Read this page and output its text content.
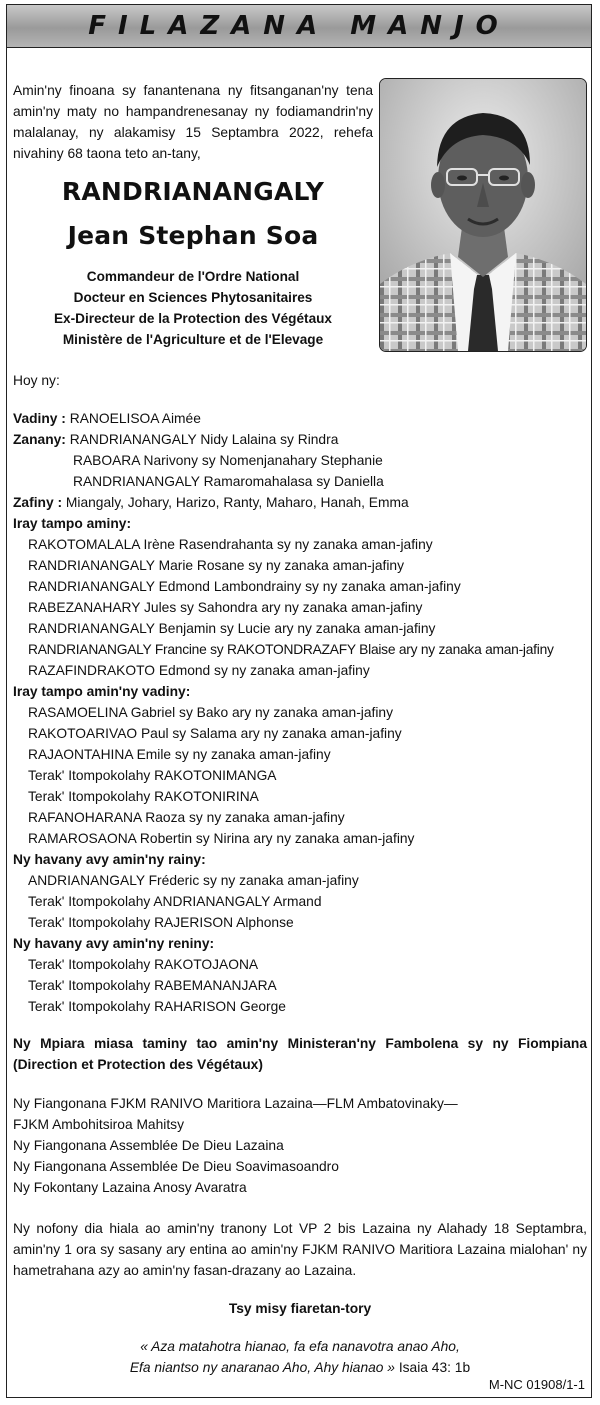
FILAZANA MANJO
Amin'ny finoana sy fanantenana ny fitsanganan'ny tena amin'ny maty no hampandrenesanay ny fodiamandrin'ny malalanay, ny alakamisy 15 Septambra 2022, rehefa nivahiny 68 taona teto an-tany,
RANDRIANANGALY
Jean Stephan Soa
Commandeur de l'Ordre National
Docteur en Sciences Phytosanitaires
Ex-Directeur de la Protection des Végétaux
Ministère de l'Agriculture et de l'Elevage
Hoy ny:
Vadiny : RANOELISOA Aimée
Zanany: RANDRIANANGALY Nidy Lalaina sy Rindra
RABOARA Narivony sy Nomenjanahary Stephanie
RANDRIANANGALY Ramaromahalasa sy Daniella
Zafiny : Miangaly, Johary, Harizo, Ranty, Maharo, Hanah, Emma
Iray tampo aminy:
RAKOTOMALALA Irène Rasendrahanta sy ny zanaka aman-jafiny
RANDRIANANGALY Marie Rosane sy ny zanaka aman-jafiny
RANDRIANANGALY Edmond Lambondrainy sy ny zanaka aman-jafiny
RABEZANAHARY Jules sy Sahondra ary ny zanaka aman-jafiny
RANDRIANANGALY Benjamin sy Lucie ary ny zanaka aman-jafiny
RANDRIANANGALY Francine sy RAKOTONDRAZAFY Blaise ary ny zanaka aman-jafiny
RAZAFINDRAKOTO Edmond sy ny zanaka aman-jafiny
Iray tampo amin'ny vadiny:
RASAMOELINA Gabriel sy Bako ary ny zanaka aman-jafiny
RAKOTOARIVAO Paul sy Salama ary ny zanaka aman-jafiny
RAJAONTAHINA Emile sy ny zanaka aman-jafiny
Terak' Itompokolahy RAKOTONIMANGA
Terak' Itompokolahy RAKOTONIRINA
RAFANOHARANA Raoza sy ny zanaka aman-jafiny
RAMAROSAONA Robertin sy Nirina ary ny zanaka aman-jafiny
Ny havany avy amin'ny rainy:
ANDRIANANGALY Fréderic sy ny zanaka aman-jafiny
Terak' Itompokolahy ANDRIANANGALY Armand
Terak' Itompokolahy RAJERISON Alphonse
Ny havany avy amin'ny reniny:
Terak' Itompokolahy RAKOTOJAONA
Terak' Itompokolahy RABEMANANJARA
Terak' Itompokolahy RAHARISON George
Ny Mpiara miasa taminy tao amin'ny Ministeran'ny Fambolena sy ny Fiompiana (Direction et Protection des Végétaux)
Ny Fiangonana FJKM RANIVO Maritiora Lazaina—FLM Ambatovinaky—
FJKM Ambohitsiroa Mahitsy
Ny Fiangonana Assemblée De Dieu Lazaina
Ny Fiangonana Assemblée De Dieu Soavimasoandro
Ny Fokontany Lazaina Anosy Avaratra
Ny nofony dia hiala ao amin'ny tranony Lot VP 2 bis Lazaina ny Alahady 18 Septambra, amin'ny 1 ora sy sasany ary entina ao amin'ny FJKM RANIVO Maritiora Lazaina mialohan' ny hametrahana azy ao amin'ny fasan-drazany ao Lazaina.
Tsy misy fiaretan-tory
« Aza matahotra hianao, fa efa nanavotra anao Aho,
Efa niantso ny anaranao Aho, Ahy hianao » Isaia 43: 1b
M-NC 01908/1-1
